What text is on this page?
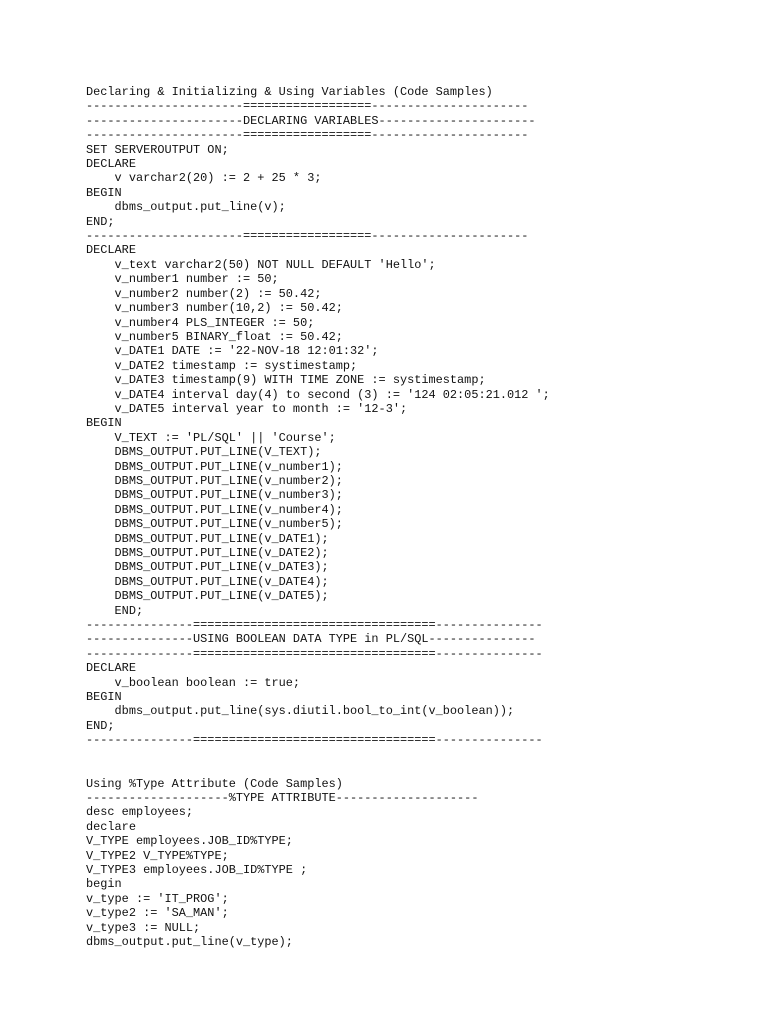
Declaring & Initializing & Using Variables (Code Samples)
----------------------==================----------------------
----------------------DECLARING VARIABLES----------------------
----------------------==================----------------------
SET SERVEROUTPUT ON;
DECLARE
v varchar2(20) := 2 + 25 * 3;
BEGIN
dbms_output.put_line(v);
END;
----------------------==================----------------------
DECLARE
v_text varchar2(50) NOT NULL DEFAULT 'Hello';
v_number1 number := 50;
v_number2 number(2) := 50.42;
v_number3 number(10,2) := 50.42;
v_number4 PLS_INTEGER := 50;
v_number5 BINARY_float := 50.42;
v_DATE1 DATE := '22-NOV-18 12:01:32';
v_DATE2 timestamp := systimestamp;
v_DATE3 timestamp(9) WITH TIME ZONE := systimestamp;
v_DATE4 interval day(4) to second (3) := '124 02:05:21.012 ';
v_DATE5 interval year to month := '12-3';
BEGIN
V_TEXT := 'PL/SQL' || 'Course';
DBMS_OUTPUT.PUT_LINE(V_TEXT);
DBMS_OUTPUT.PUT_LINE(v_number1);
DBMS_OUTPUT.PUT_LINE(v_number2);
DBMS_OUTPUT.PUT_LINE(v_number3);
DBMS_OUTPUT.PUT_LINE(v_number4);
DBMS_OUTPUT.PUT_LINE(v_number5);
DBMS_OUTPUT.PUT_LINE(v_DATE1);
DBMS_OUTPUT.PUT_LINE(v_DATE2);
DBMS_OUTPUT.PUT_LINE(v_DATE3);
DBMS_OUTPUT.PUT_LINE(v_DATE4);
DBMS_OUTPUT.PUT_LINE(v_DATE5);
END;
---------------==================================---------------
---------------USING BOOLEAN DATA TYPE in PL/SQL---------------
---------------==================================---------------
DECLARE
v_boolean boolean := true;
BEGIN
dbms_output.put_line(sys.diutil.bool_to_int(v_boolean));
END;
---------------==================================---------------
Using %Type Attribute (Code Samples)
--------------------%TYPE ATTRIBUTE--------------------
desc employees;
declare
V_TYPE employees.JOB_ID%TYPE;
V_TYPE2 V_TYPE%TYPE;
V_TYPE3 employees.JOB_ID%TYPE ;
begin
v_type := 'IT_PROG';
v_type2 := 'SA_MAN';
v_type3 := NULL;
dbms_output.put_line(v_type);
